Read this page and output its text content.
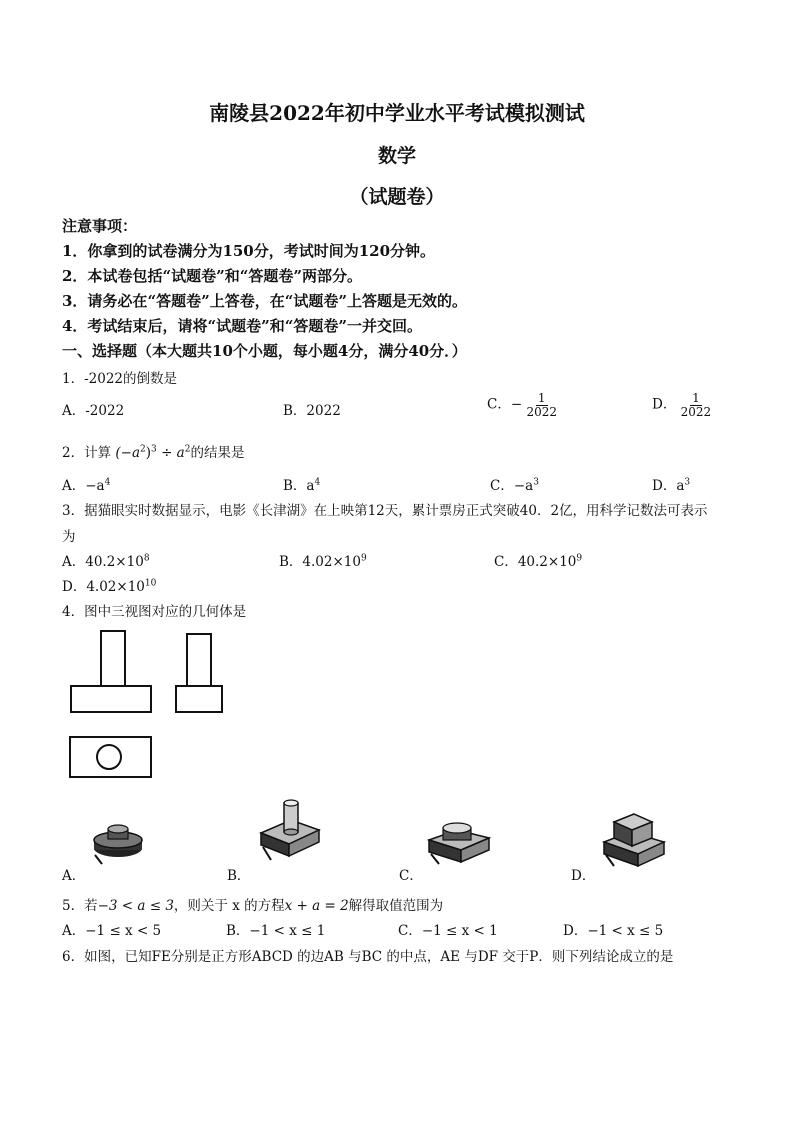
南陵县2022年初中学业水平考试模拟测试
数学
（试题卷）
注意事项：
1．你拿到的试卷满分为150分，考试时间为120分钟。
2．本试卷包括“试题卷”和“答题卷”两部分。
3．请务必在“答题卷”上答卷，在“试题卷”上答题是无效的。
4．考试结束后，请将“试题卷”和“答题卷”一并交回。
一、选择题（本大题共10个小题，每小题4分，满分40分．）
1．-2022的倒数是
A．-2022	B．2022	C．− $\frac{1}{2022}$	D． $\frac{1}{2022}$
2．计算 $(-a^2)^3 \div a^2$的结果是
A．$-a^4$	B．$a^4$	C．$-a^3$	D．$a^3$
3．据猫眼实时数据显示，电影《长津湖》在上映第12天，累计票房正式突破40．2亿，用科学记数法可表示
为
A．$40.2\times 10^8$	B．$4.02\times 10^9$	C．$40.2\times 10^9$
D．$4.02\times 10^{10}$
4．图中三视图对应的几何体是
A．	B．	C．	D．
5．若−3 < a ≤ 3，则关于 x 的方程x + a = 2解得取值范围为
A．−1 ≤ x < 5	B．−1 < x ≤ 1	C．−1 ≤ x < 1	D．−1 < x ≤ 5
6．如图，已知FE分别是正方形ABCD 的边AB 与BC 的中点，AE 与DF 交于P．则下列结论成立的是
